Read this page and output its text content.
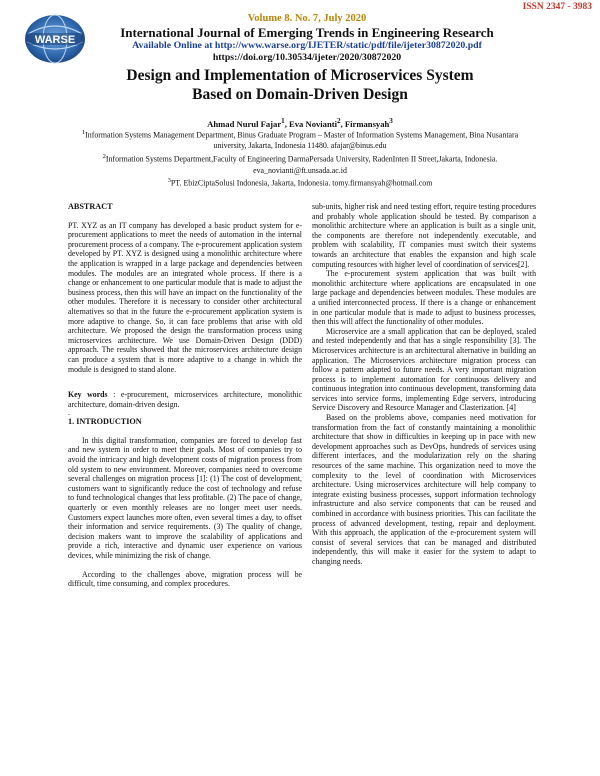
ISSN 2347 - 3983
WARSE
Volume 8. No. 7, July 2020
International Journal of Emerging Trends in Engineering Research
Available Online at http://www.warse.org/IJETER/static/pdf/file/ijeter30872020.pdf
https://doi.org/10.30534/ijeter/2020/30872020
Design and Implementation of Microservices System
Based on Domain-Driven Design
Ahmad Nurul Fajar$^1$, Eva Novianti$^2$, Firmansyah$^3$
$^1$Information Systems Management Department, Binus Graduate Program – Master of Information Systems Management, Bina Nusantara university, Jakarta, Indonesia 11480. afajar@binus.edu
$^2$Information Systems Department,Faculty of Engineering DarmaPersada University, RadenInten II Street,Jakarta, Indonesia. eva_novianti@ft.unsada.ac.id
$^3$PT. EbizCiptaSolusi Indonesia, Jakarta, Indonesia. tomy.firmansyah@hotmail.com
ABSTRACT
PT. XYZ as an IT company has developed a basic product system for e-procurement applications to meet the needs of automation in the internal procurement process of a company. The e-procurement application system developed by PT. XYZ is designed using a monolithic architecture where the application is wrapped in a large package and dependencies between modules. The modules are an integrated whole process. If there is a change or enhancement to one particular module that is made to adjust the business process, then this will have an impact on the functionality of the other modules. Therefore it is necessary to consider other architectural alternatives so that in the future the e-procurement application system is more adaptive to change. So, it can face problems that arise with old architecture. We proposed the design the transformation process using microservices architecture. We use Domain-Driven Design (DDD) approach. The results showed that the microservices architecture design can produce a system that is more adaptive to a change in which the module is designed to stand alone.
Key words : e-procurement, microservices architecture, monolithic architecture, domain-driven design.
.
1. INTRODUCTION
In this digital transformation, companies are forced to develop fast and new system in order to meet their goals. Most of companies try to avoid the intricacy and high development costs of migration process from old system to new environment. Moreover, companies need to overcome several challenges on migration process [1]: (1) The cost of development, customers want to significantly reduce the cost of technology and refuse to fund technological changes that less profitable. (2) The pace of change, quarterly or even monthly releases are no longer meet user needs. Customers expect launches more often, even several times a day, to offset their information and service requirements. (3) The quality of change, decision makers want to improve the scalability of applications and provide a rich, interactive and dynamic user experience on various devices, while minimizing the risk of change.
According to the challenges above, migration process will be difficult, time consuming, and complex procedures.
sub-units, higher risk and need testing effort, require testing procedures and probably whole application should be tested. By comparison a monolithic architecture where an application is built as a single unit, the components are therefore not independently executable, and problem with scalability, IT companies must switch their systems towards an architecture that enables the expansion and high scale computing resources with higher level of coordination of services[2].
The e-procurement system application that was built with monolithic architecture where applications are encapsulated in one large package and dependencies between modules. These modules are a unified interconnected process. If there is a change or enhancement in one particular module that is made to adjust to business processes, then this will affect the functionality of other modules.
Microservice are a small application that can be deployed, scaled and tested independently and that has a single responsibility [3]. The Microservices architecture is an architectural alternative in building an application. The Microservices architecture migration process can follow a pattern adapted to future needs. A very important migration process is to implement automation for continuous delivery and continuous integration into continuous development, transforming data services into service forms, implementing Edge servers, introducing Service Discovery and Resource Manager and Clasterization. [4]
Based on the problems above, companies need motivation for transformation from the fact of constantly maintaining a monolithic architecture that show in difficulties in keeping up in pace with new development approaches such as DevOps, hundreds of services using different interfaces, and the modularization rely on the sharing resources of the same machine. This organization need to move the complexity to the level of coordination with Microservices architecture. Using microservices architecture will help company to integrate existing business processes, support information technology infrastructure and also service components that can be reused and combined in accordance with business priorities. This can facilitate the process of advanced development, testing, repair and deployment. With this approach, the application of the e-procurement system will consist of several services that can be managed and distributed independently, this will make it easier for the system to adapt to changing needs.
